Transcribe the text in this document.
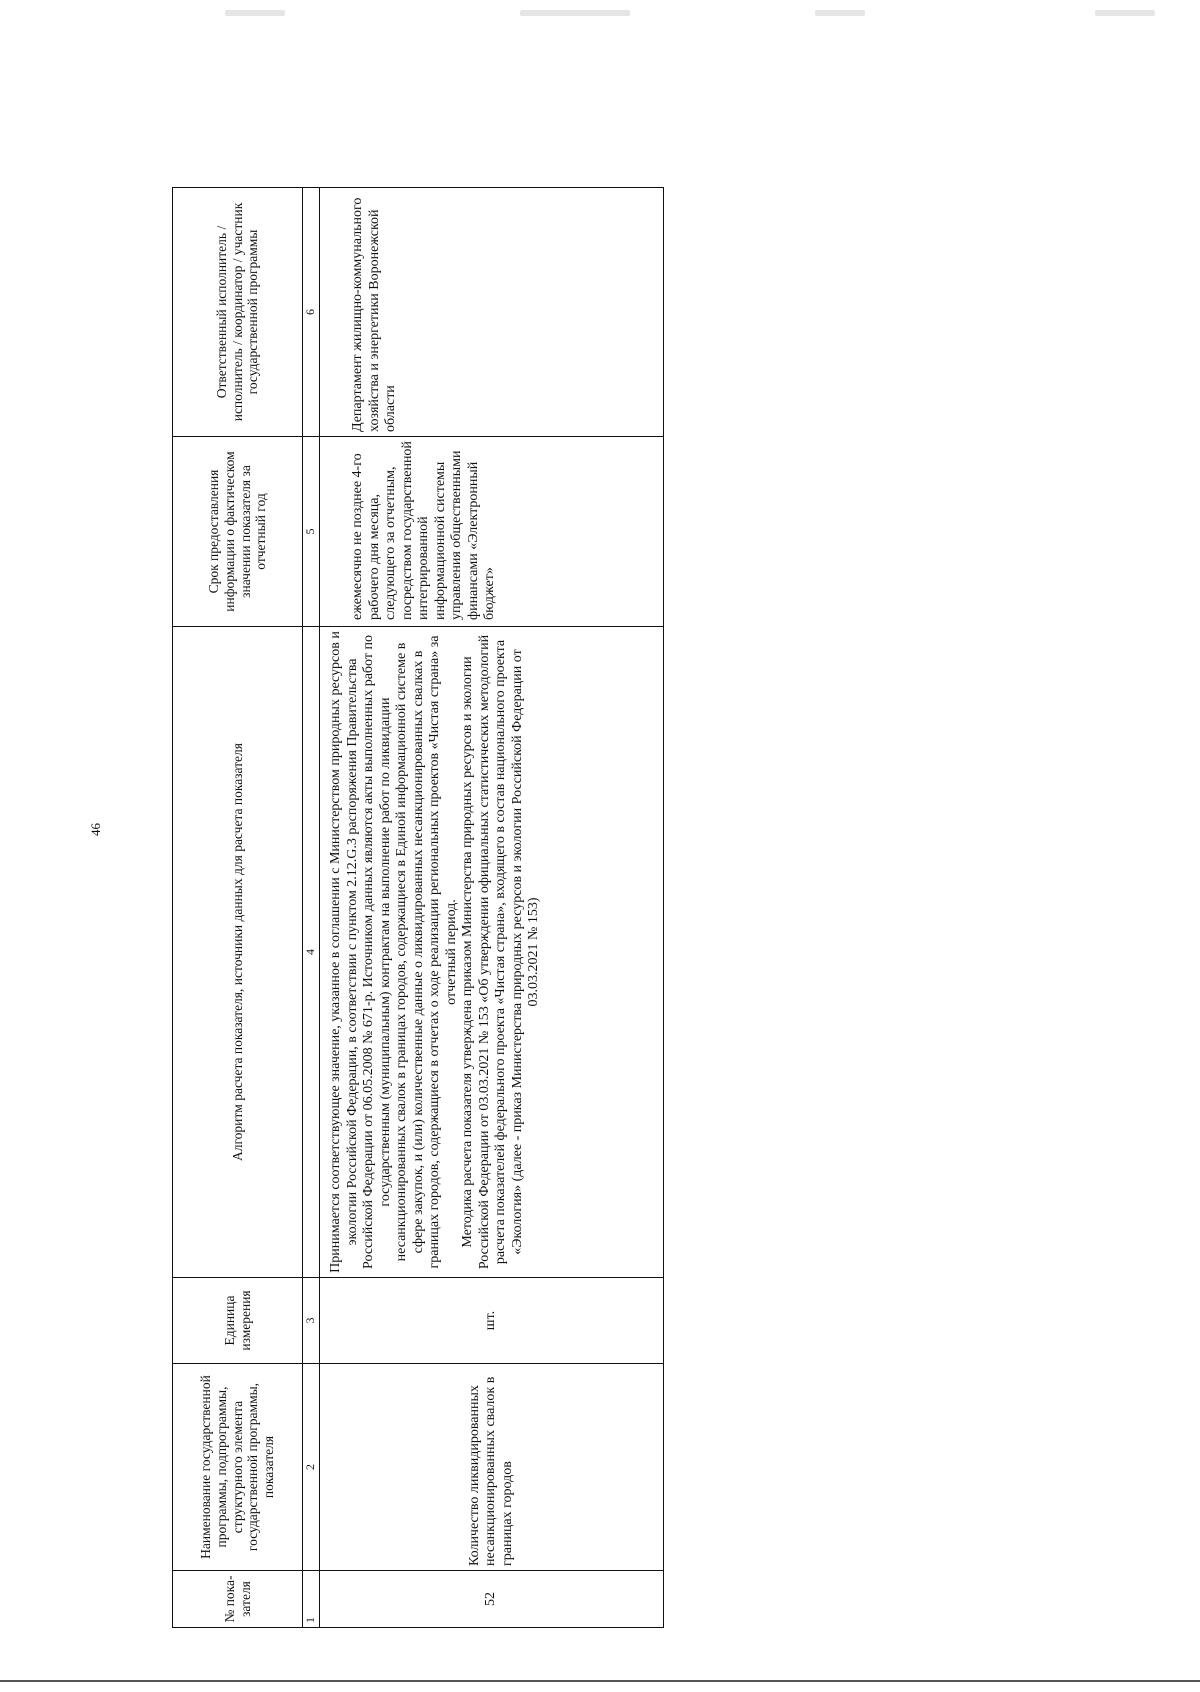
46
№ пока-зателя	Наименование государственной программы, подпрограммы, структурного элемента государственной программы, показателя	Единица измерения	Алгоритм расчета показателя, источники данных для расчета показателя	Срок предоставления информации о фактическом значении показателя за отчетный год	Ответственный исполнитель / исполнитель / координатор / участник государственной программы
1	2	3	4	5	6
52	Количество ликвидированных несанкционированных свалок в границах городов	шт.	Принимается соответствующее значение, указанное в соглашении с Министерством природных ресурсов и экологии Российской Федерации, в соответствии с пунктом 2.12.G.3 распоряжения Правительства Российской Федерации от 06.05.2008 № 671-р. Источником данных являются акты выполненных работ по государственным (муниципальным) контрактам на выполнение работ по ликвидации несанкционированных свалок в границах городов, содержащиеся в Единой информационной системе в сфере закупок, и (или) количественные данные о ликвидированных несанкционированных свалках в границах городов, содержащиеся в отчетах о ходе реализации региональных проектов «Чистая страна» за отчетный период. Методика расчета показателя утверждена приказом Министерства природных ресурсов и экологии Российской Федерации от 03.03.2021 № 153 «Об утверждении официальных статистических методологий расчета показателей федерального проекта «Чистая страна», входящего в состав национального проекта «Экология» (далее - приказ Министерства природных ресурсов и экологии Российской Федерации от 03.03.2021 № 153)	ежемесячно не позднее 4-го рабочего дня месяца, следующего за отчетным, посредством государственной интегрированной информационной системы управления общественными финансами «Электронный бюджет»	Департамент жилищно-коммунального хозяйства и энергетики Воронежской области
